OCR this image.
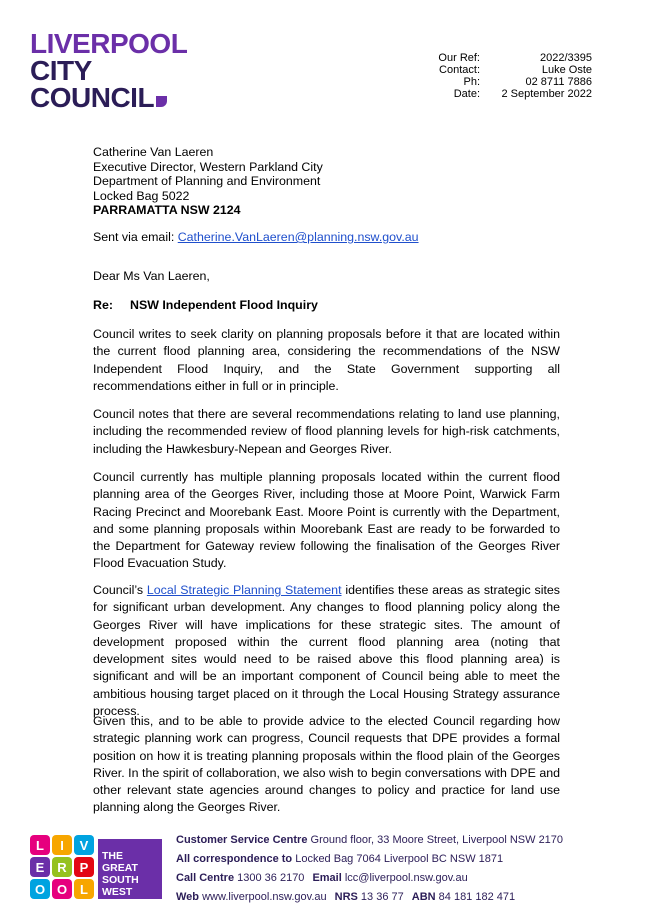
LIVERPOOL
CITY
COUNCIL
Our Ref:	2022/3395
Contact:	Luke Oste
Ph:	02 8711 7886
Date:	2 September 2022
Catherine Van Laeren
Executive Director, Western Parkland City
Department of Planning and Environment
Locked Bag 5022
PARRAMATTA NSW 2124

Sent via email: Catherine.VanLaeren@planning.nsw.gov.au

Dear Ms Van Laeren,

Re: NSW Independent Flood Inquiry

Council writes to seek clarity on planning proposals before it that are located within the current flood planning area, considering the recommendations of the NSW Independent Flood Inquiry, and the State Government supporting all recommendations either in full or in principle.

Council notes that there are several recommendations relating to land use planning, including the recommended review of flood planning levels for high-risk catchments, including the Hawkesbury-Nepean and Georges River.

Council currently has multiple planning proposals located within the current flood planning area of the Georges River, including those at Moore Point, Warwick Farm Racing Precinct and Moorebank East. Moore Point is currently with the Department, and some planning proposals within Moorebank East are ready to be forwarded to the Department for Gateway review following the finalisation of the Georges River Flood Evacuation Study.

Council’s Local Strategic Planning Statement identifies these areas as strategic sites for significant urban development. Any changes to flood planning policy along the Georges River will have implications for these strategic sites. The amount of development proposed within the current flood planning area (noting that development sites would need to be raised above this flood planning area) is significant and will be an important component of Council being able to meet the ambitious housing target placed on it through the Local Housing Strategy assurance process.

Given this, and to be able to provide advice to the elected Council regarding how strategic planning work can progress, Council requests that DPE provides a formal position on how it is treating planning proposals within the flood plain of the Georges River. In the spirit of collaboration, we also wish to begin conversations with DPE and other relevant state agencies around changes to policy and practice for land use planning along the Georges River.

L I V
E R P
O O L
THE
GREAT
SOUTH
WEST
Customer Service Centre Ground floor, 33 Moore Street, Liverpool NSW 2170
All correspondence to Locked Bag 7064 Liverpool BC NSW 1871
Call Centre 1300 36 2170 Email lcc@liverpool.nsw.gov.au
Web www.liverpool.nsw.gov.au NRS 13 36 77 ABN 84 181 182 471
